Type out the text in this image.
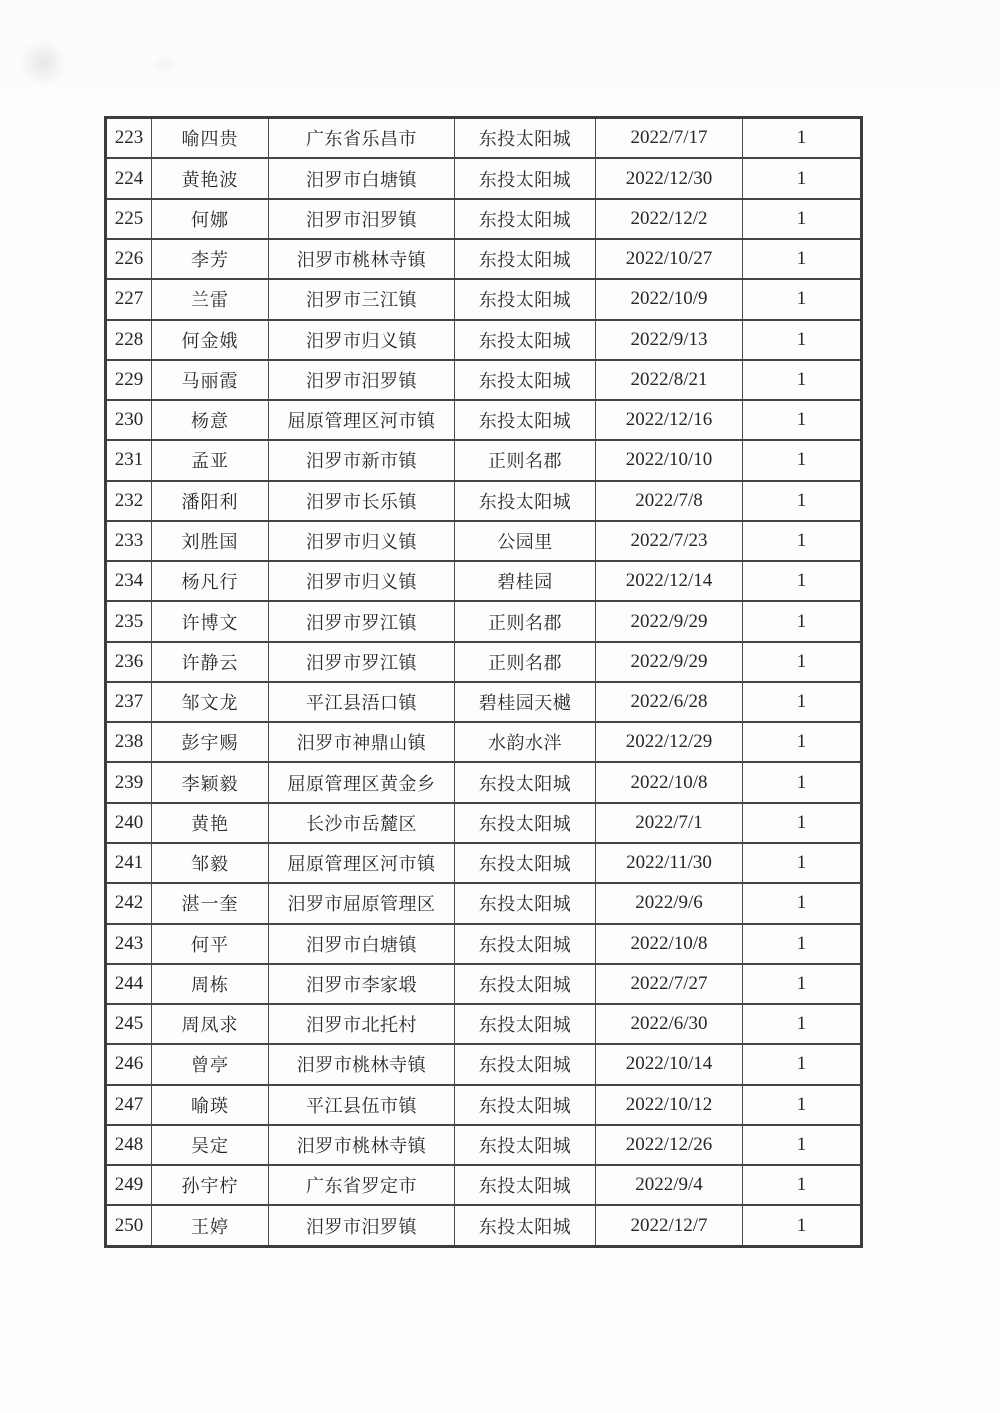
223	喻四贵	广东省乐昌市	东投太阳城	2022/7/17	1
224	黄艳波	汨罗市白塘镇	东投太阳城	2022/12/30	1
225	何娜	汨罗市汨罗镇	东投太阳城	2022/12/2	1
226	李芳	汨罗市桃林寺镇	东投太阳城	2022/10/27	1
227	兰雷	汨罗市三江镇	东投太阳城	2022/10/9	1
228	何金娥	汨罗市归义镇	东投太阳城	2022/9/13	1
229	马丽霞	汨罗市汨罗镇	东投太阳城	2022/8/21	1
230	杨意	屈原管理区河市镇	东投太阳城	2022/12/16	1
231	孟亚	汨罗市新市镇	正则名郡	2022/10/10	1
232	潘阳利	汨罗市长乐镇	东投太阳城	2022/7/8	1
233	刘胜国	汨罗市归义镇	公园里	2022/7/23	1
234	杨凡行	汨罗市归义镇	碧桂园	2022/12/14	1
235	许博文	汨罗市罗江镇	正则名郡	2022/9/29	1
236	许静云	汨罗市罗江镇	正则名郡	2022/9/29	1
237	邹文龙	平江县浯口镇	碧桂园天樾	2022/6/28	1
238	彭宇赐	汨罗市神鼎山镇	水韵水泮	2022/12/29	1
239	李颖毅	屈原管理区黄金乡	东投太阳城	2022/10/8	1
240	黄艳	长沙市岳麓区	东投太阳城	2022/7/1	1
241	邹毅	屈原管理区河市镇	东投太阳城	2022/11/30	1
242	湛一奎	汨罗市屈原管理区	东投太阳城	2022/9/6	1
243	何平	汨罗市白塘镇	东投太阳城	2022/10/8	1
244	周栋	汨罗市李家塅	东投太阳城	2022/7/27	1
245	周凤求	汨罗市北托村	东投太阳城	2022/6/30	1
246	曾亭	汨罗市桃林寺镇	东投太阳城	2022/10/14	1
247	喻瑛	平江县伍市镇	东投太阳城	2022/10/12	1
248	吴定	汨罗市桃林寺镇	东投太阳城	2022/12/26	1
249	孙宇柠	广东省罗定市	东投太阳城	2022/9/4	1
250	王婷	汨罗市汨罗镇	东投太阳城	2022/12/7	1
